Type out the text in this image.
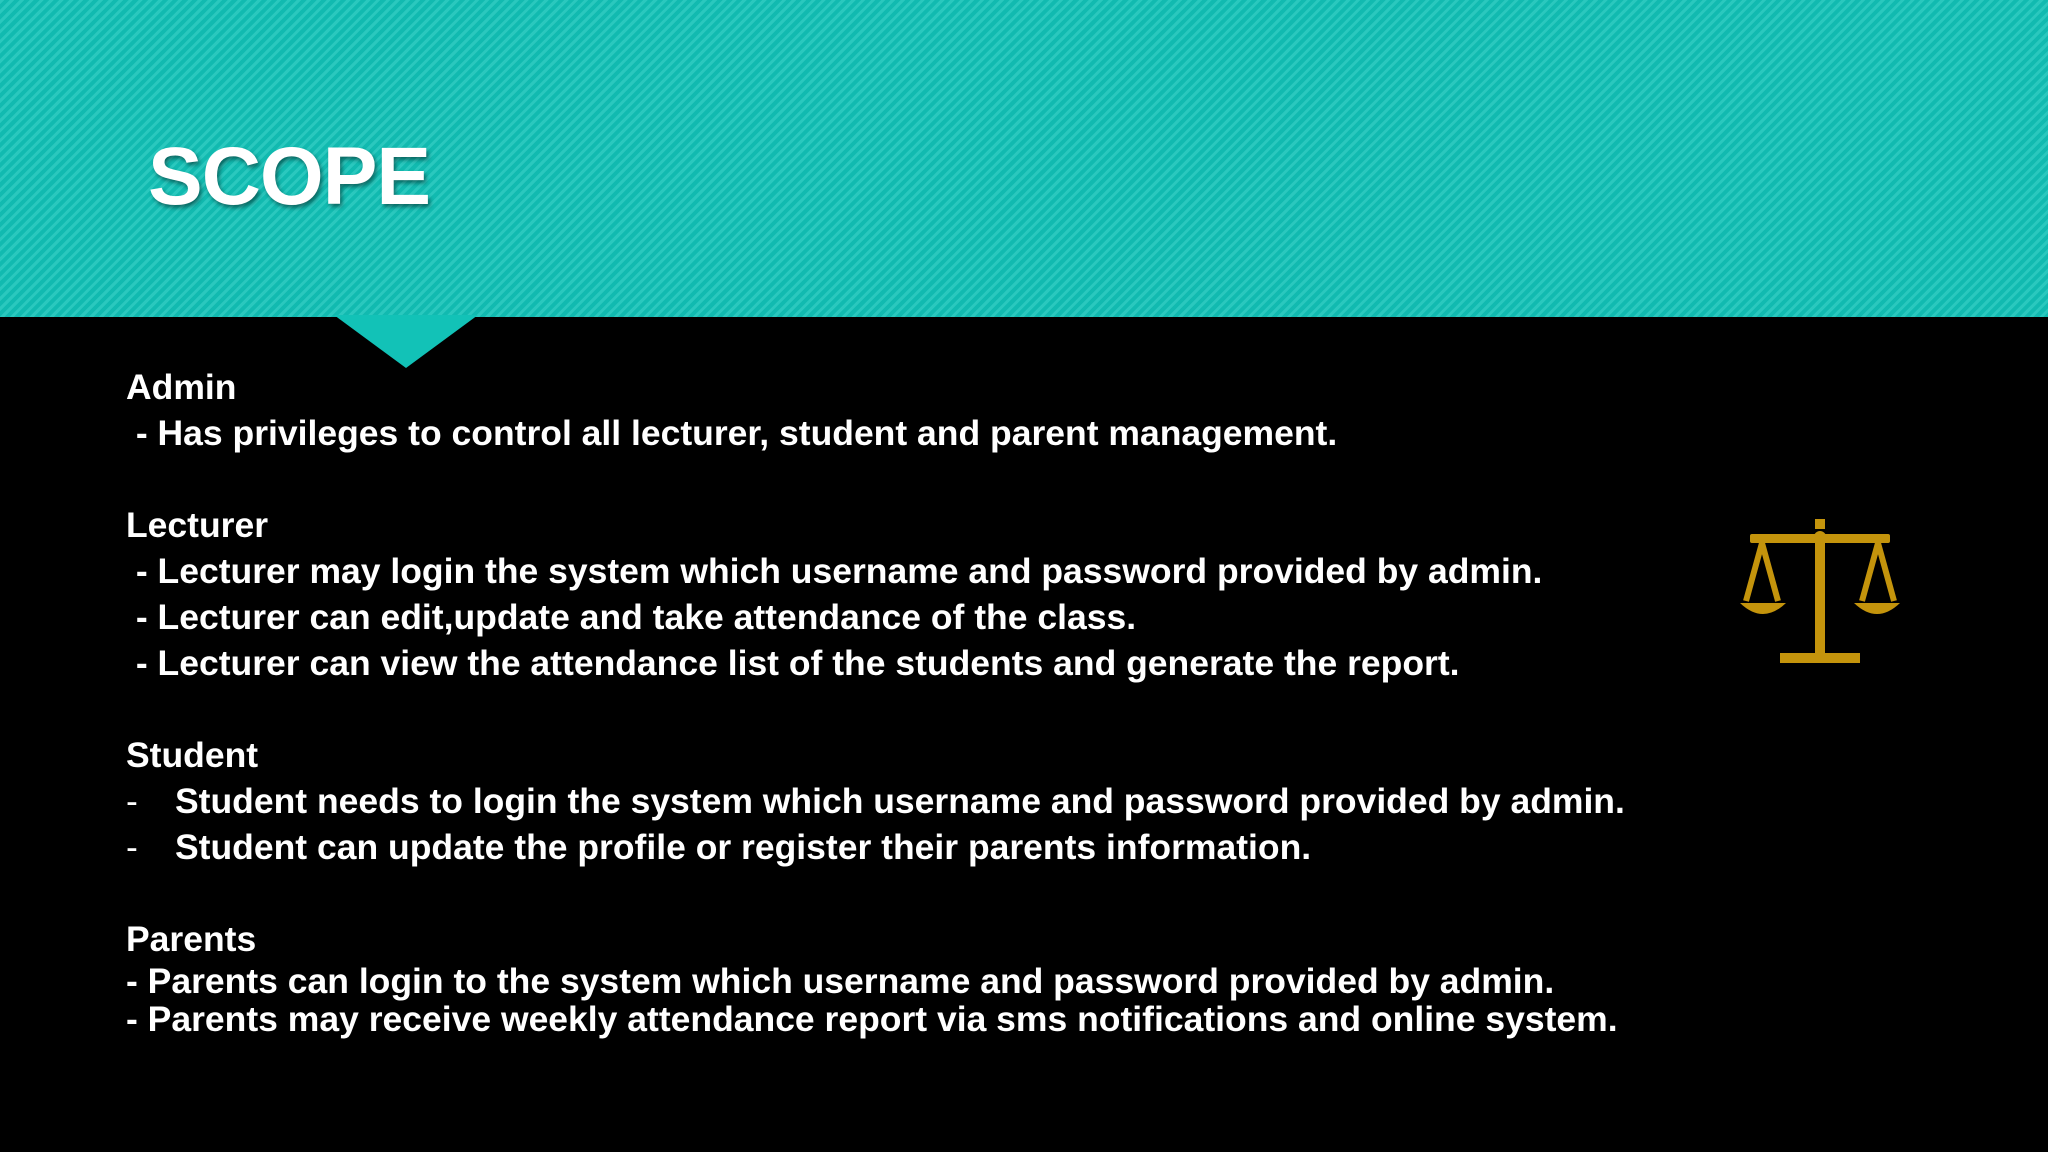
SCOPE
Admin
- Has privileges to control all lecturer, student and parent management.
Lecturer
- Lecturer may login the system which username and password provided by admin.
- Lecturer can edit,update and take attendance of the class.
- Lecturer can view the attendance list of the students and generate the report.
Student
- Student needs to login the system which username and password provided by admin.
- Student can update the profile or register their parents information.
Parents
- Parents can login to the system which username and password provided by admin.
- Parents may receive weekly attendance report via sms notifications and online system.
